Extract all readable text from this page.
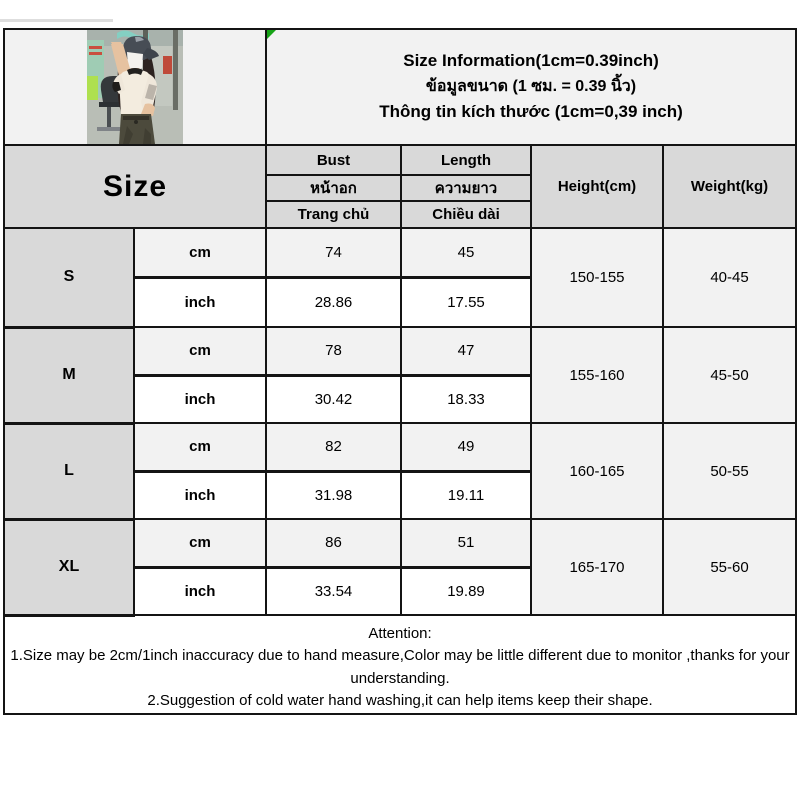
Size Information(1cm=0.39inch)
ข้อมูลขนาด (1 ซม. = 0.39 นิ้ว)
Thông tin kích thước (1cm=0,39 inch)			

Size		Bust	Length	Height(cm)	Weight(kg)
		หน้าอก	ความยาว		
		Trang chủ	Chiều dài		
S	cm	74	45	150-155	40-45
	inch	28.86	17.55		
M	cm	78	47	155-160	45-50
	inch	30.42	18.33		
L	cm	82	49	160-165	50-55
	inch	31.98	19.11		
XL	cm	86	51	165-170	55-60
	inch	33.54	19.89		

Attention:
1.Size may be 2cm/1inch inaccuracy due to hand measure,Color may be little different due to monitor ,thanks for your understanding.
2.Suggestion of cold water hand washing,it can help items keep their shape.					
